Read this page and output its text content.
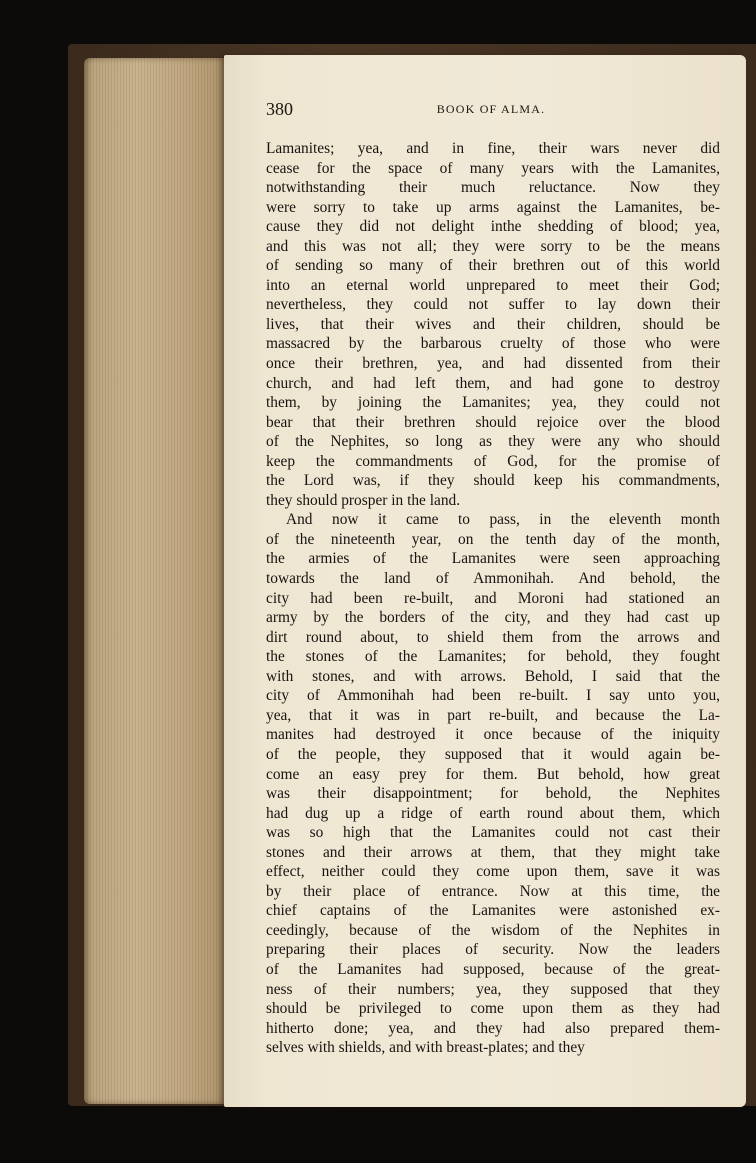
380	BOOK OF ALMA.
Lamanites; yea, and in fine, their wars never did
cease for the space of many years with the Lamanites,
notwithstanding their much reluctance. Now they
were sorry to take up arms against the Lamanites, be-
cause they did not delight inthe shedding of blood; yea,
and this was not all; they were sorry to be the means
of sending so many of their brethren out of this world
into an eternal world unprepared to meet their God;
nevertheless, they could not suffer to lay down their
lives, that their wives and their children, should be
massacred by the barbarous cruelty of those who were
once their brethren, yea, and had dissented from their
church, and had left them, and had gone to destroy
them, by joining the Lamanites; yea, they could not
bear that their brethren should rejoice over the blood
of the Nephites, so long as they were any who should
keep the commandments of God, for the promise of
the Lord was, if they should keep his commandments,
they should prosper in the land.
And now it came to pass, in the eleventh month
of the nineteenth year, on the tenth day of the month,
the armies of the Lamanites were seen approaching
towards the land of Ammonihah. And behold, the
city had been re-built, and Moroni had stationed an
army by the borders of the city, and they had cast up
dirt round about, to shield them from the arrows and
the stones of the Lamanites; for behold, they fought
with stones, and with arrows. Behold, I said that the
city of Ammonihah had been re-built. I say unto you,
yea, that it was in part re-built, and because the La-
manites had destroyed it once because of the iniquity
of the people, they supposed that it would again be-
come an easy prey for them. But behold, how great
was their disappointment; for behold, the Nephites
had dug up a ridge of earth round about them, which
was so high that the Lamanites could not cast their
stones and their arrows at them, that they might take
effect, neither could they come upon them, save it was
by their place of entrance. Now at this time, the
chief captains of the Lamanites were astonished ex-
ceedingly, because of the wisdom of the Nephites in
preparing their places of security. Now the leaders
of the Lamanites had supposed, because of the great-
ness of their numbers; yea, they supposed that they
should be privileged to come upon them as they had
hitherto done; yea, and they had also prepared them-
selves with shields, and with breast-plates; and they
